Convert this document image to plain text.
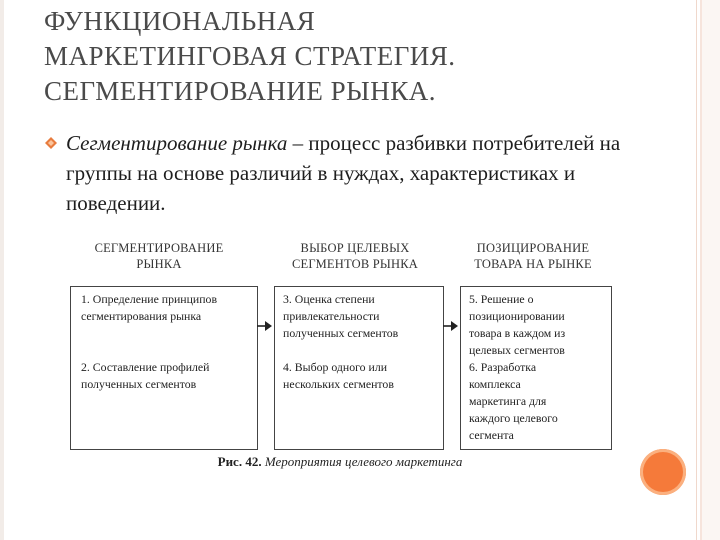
ФУНКЦИОНАЛЬНАЯ
МАРКЕТИНГОВАЯ СТРАТЕГИЯ.
СЕГМЕНТИРОВАНИЕ РЫНКА.
Сегментирование рынка – процесс разбивки потребителей на группы на основе различий в нуждах, характеристиках и поведении.
СЕГМЕНТИРОВАНИЕ
РЫНКА
ВЫБОР ЦЕЛЕВЫХ
СЕГМЕНТОВ РЫНКА
ПОЗИЦИРОВАНИЕ
ТОВАРА НА РЫНКЕ
1. Определение принципов
сегментирования рынка
2. Составление профилей
полученных сегментов
3. Оценка степени
привлекательности
полученных сегментов
4. Выбор одного или
нескольких сегментов
5. Решение о
позиционировании
товара в каждом из
целевых сегментов
6. Разработка
комплекса
маркетинга для
каждого целевого
сегмента
Рис. 42. Мероприятия целевого маркетинга
